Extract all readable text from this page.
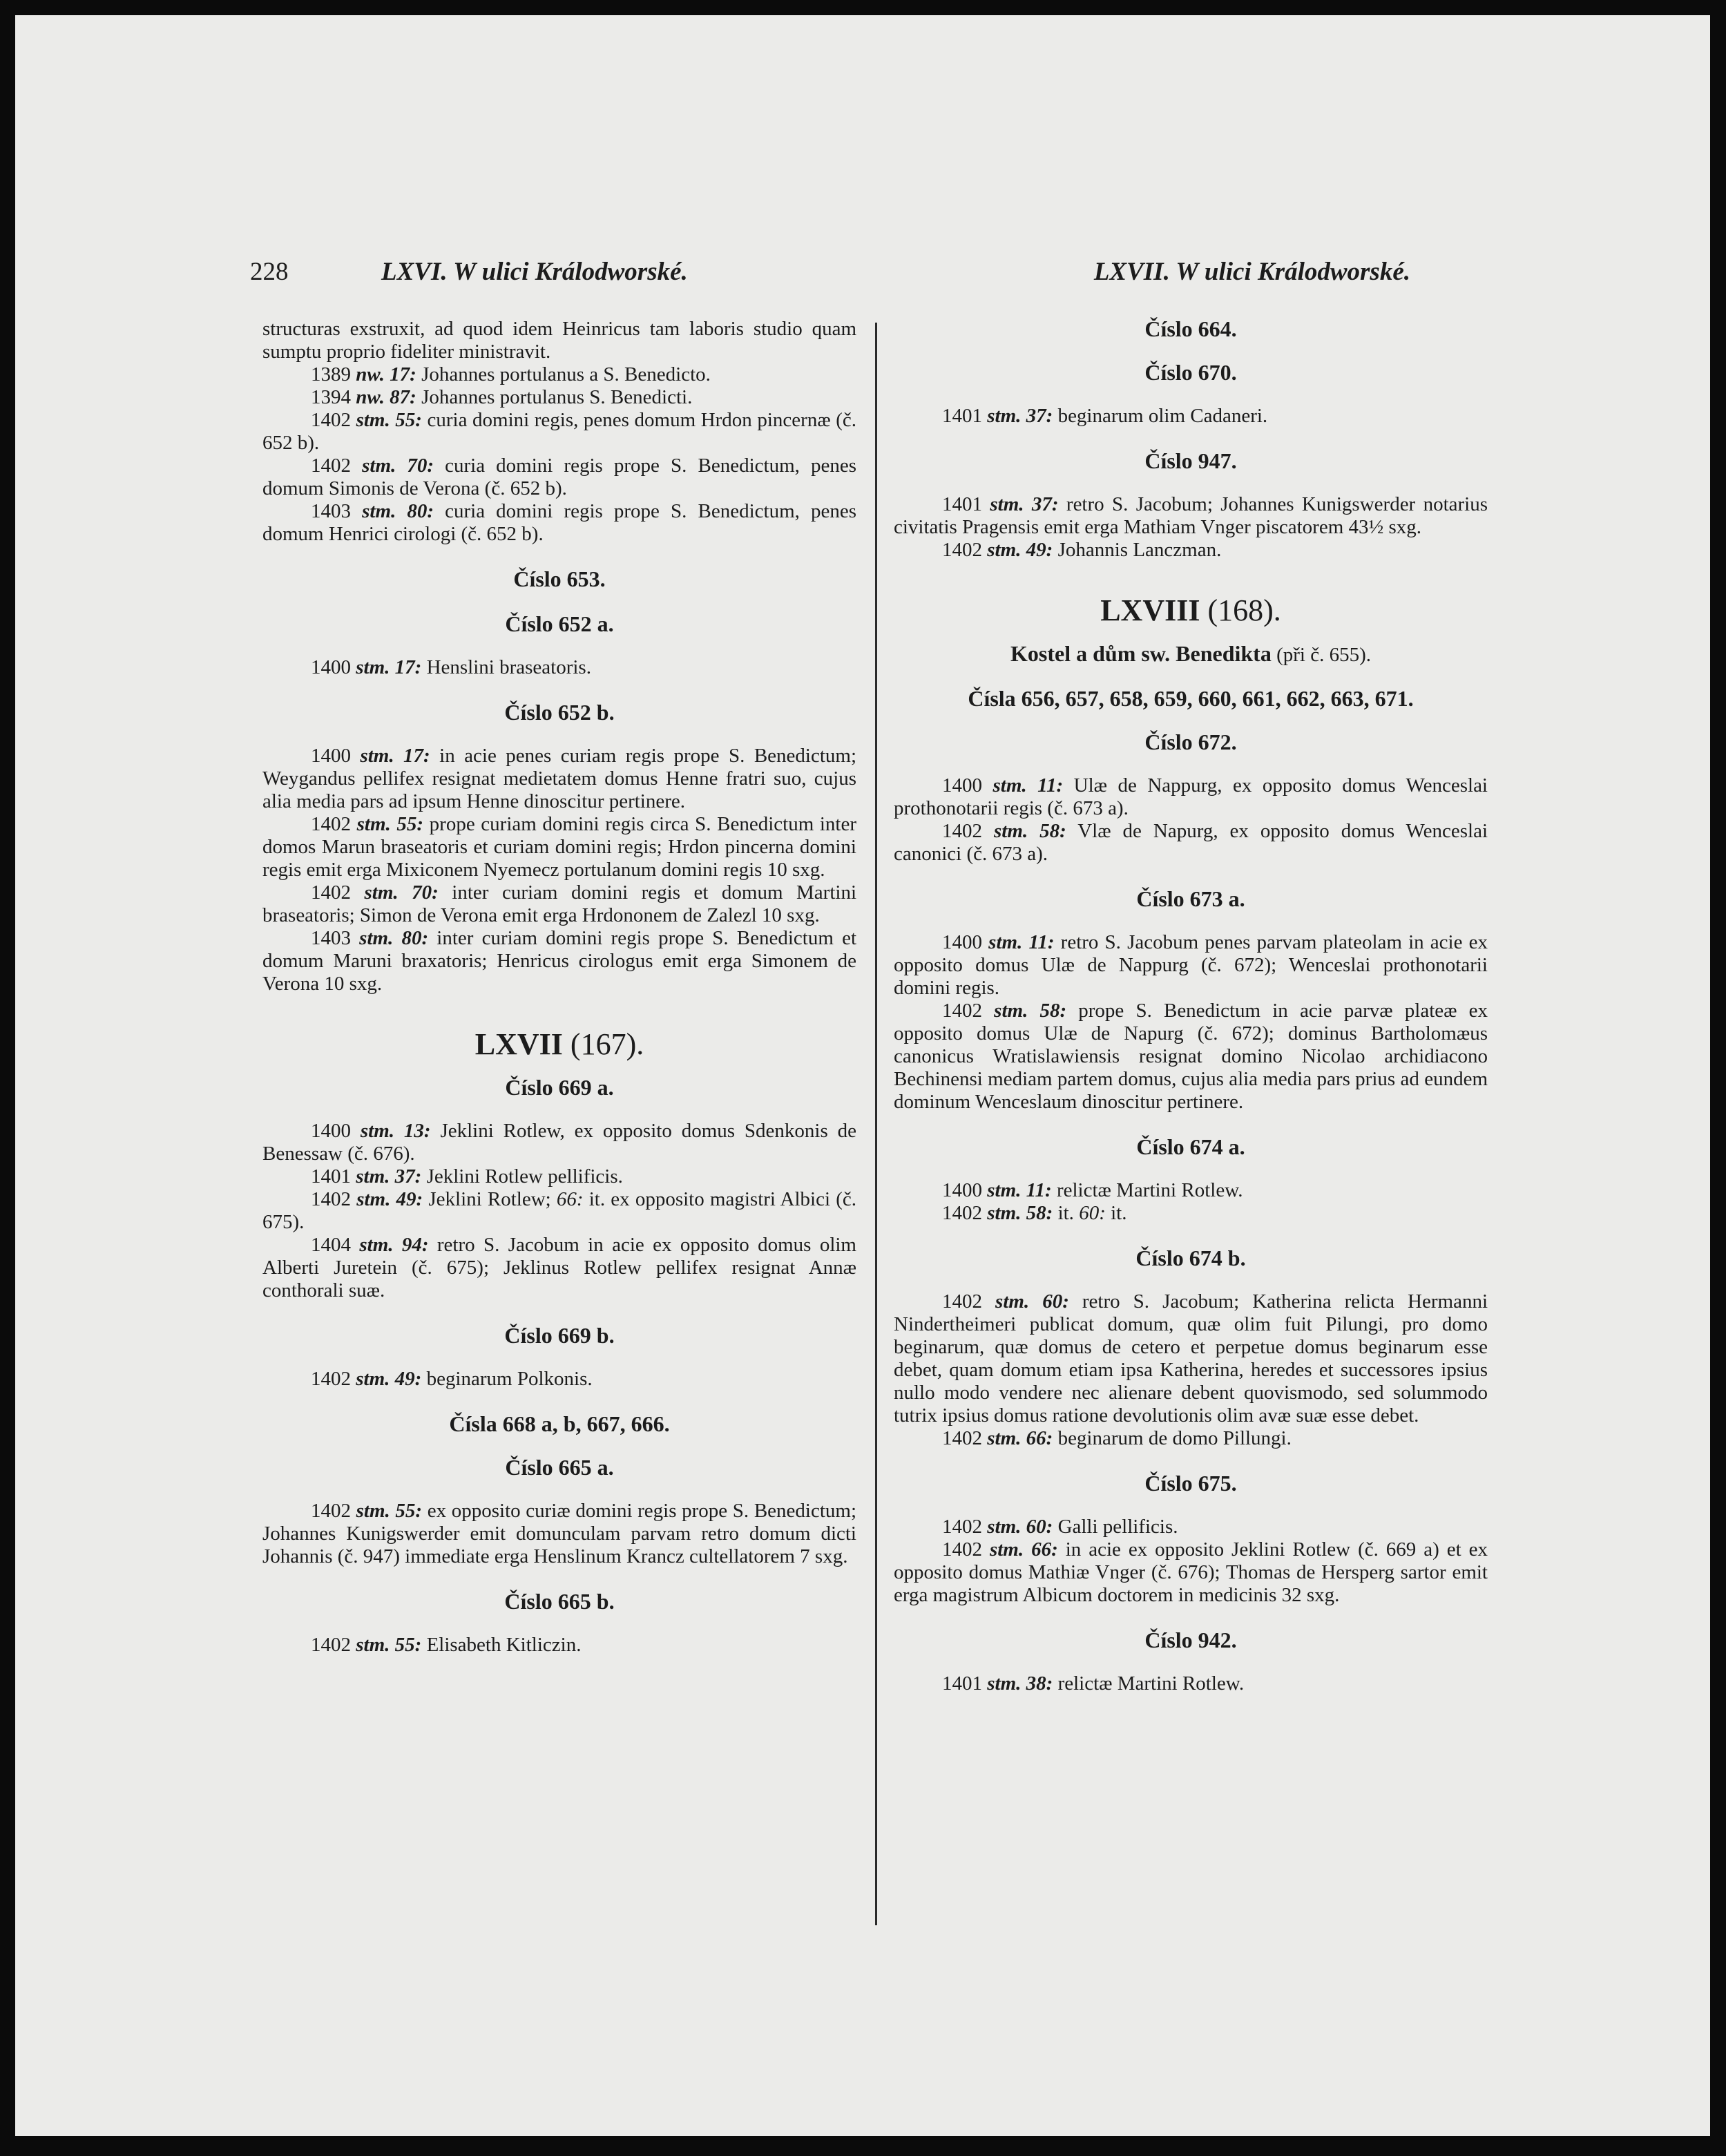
228	LXVI. W ulici Králodworské.	LXVII. W ulici Králodworské.

structuras exstruxit, ad quod idem Heinricus tam laboris studio quam sumptu proprio fideliter ministravit.

1389 nw. 17: Johannes portulanus a S. Benedicto.

1394 nw. 87: Johannes portulanus S. Benedicti.

1402 stm. 55: curia domini regis, penes domum Hrdon pincernæ (č. 652 b).

1402 stm. 70: curia domini regis prope S. Benedictum, penes domum Simonis de Verona (č. 652 b).

1403 stm. 80: curia domini regis prope S. Benedictum, penes domum Henrici cirologi (č. 652 b).

Číslo 653.
Číslo 652 a.

1400 stm. 17: Henslini braseatoris.

Číslo 652 b.

1400 stm. 17: in acie penes curiam regis prope S. Benedictum; Weygandus pellifex resignat medietatem domus Henne fratri suo, cujus alia media pars ad ipsum Henne dinoscitur pertinere.

1402 stm. 55: prope curiam domini regis circa S. Benedictum inter domos Marun braseatoris et curiam domini regis; Hrdon pincerna domini regis emit erga Mixiconem Nyemecz portulanum domini regis 10 sxg.

1402 stm. 70: inter curiam domini regis et domum Martini braseatoris; Simon de Verona emit erga Hrdononem de Zalezl 10 sxg.

1403 stm. 80: inter curiam domini regis prope S. Benedictum et domum Maruni braxatoris; Henricus cirologus emit erga Simonem de Verona 10 sxg.

LXVII (167).
Číslo 669 a.

1400 stm. 13: Jeklini Rotlew, ex opposito domus Sdenkonis de Benessaw (č. 676).

1401 stm. 37: Jeklini Rotlew pellificis.

1402 stm. 49: Jeklini Rotlew; 66: it. ex opposito magistri Albici (č. 675).

1404 stm. 94: retro S. Jacobum in acie ex opposito domus olim Alberti Juretein (č. 675); Jeklinus Rotlew pellifex resignat Annæ conthorali suæ.

Číslo 669 b.

1402 stm. 49: beginarum Polkonis.

Čísla 668 a, b, 667, 666.
Číslo 665 a.

1402 stm. 55: ex opposito curiæ domini regis prope S. Benedictum; Johannes Kunigswerder emit domunculam parvam retro domum dicti Johannis (č. 947) immediate erga Henslinum Krancz cultellatorem 7 sxg.

Číslo 665 b.

1402 stm. 55: Elisabeth Kitliczin.

Číslo 664.
Číslo 670.

1401 stm. 37: beginarum olim Cadaneri.

Číslo 947.

1401 stm. 37: retro S. Jacobum; Johannes Kunigswerder notarius civitatis Pragensis emit erga Mathiam Vnger piscatorem 43½ sxg.

1402 stm. 49: Johannis Lanczman.

LXVIII (168).
Kostel a dům sw. Benedikta (při č. 655).
Čísla 656, 657, 658, 659, 660, 661, 662, 663, 671.
Číslo 672.

1400 stm. 11: Ulæ de Nappurg, ex opposito domus Wenceslai prothonotarii regis (č. 673 a).

1402 stm. 58: Vlæ de Napurg, ex opposito domus Wenceslai canonici (č. 673 a).

Číslo 673 a.

1400 stm. 11: retro S. Jacobum penes parvam plateolam in acie ex opposito domus Ulæ de Nappurg (č. 672); Wenceslai prothonotarii domini regis.

1402 stm. 58: prope S. Benedictum in acie parvæ plateæ ex opposito domus Ulæ de Napurg (č. 672); dominus Bartholomæus canonicus Wratislawiensis resignat domino Nicolao archidiacono Bechinensi mediam partem domus, cujus alia media pars prius ad eundem dominum Wenceslaum dinoscitur pertinere.

Číslo 674 a.

1400 stm. 11: relictæ Martini Rotlew.

1402 stm. 58: it. 60: it.

Číslo 674 b.

1402 stm. 60: retro S. Jacobum; Katherina relicta Hermanni Nindertheimeri publicat domum, quæ olim fuit Pilungi, pro domo beginarum, quæ domus de cetero et perpetue domus beginarum esse debet, quam domum etiam ipsa Katherina, heredes et successores ipsius nullo modo vendere nec alienare debent quovismodo, sed solummodo tutrix ipsius domus ratione devolutionis olim avæ suæ esse debet.

1402 stm. 66: beginarum de domo Pillungi.

Číslo 675.

1402 stm. 60: Galli pellificis.

1402 stm. 66: in acie ex opposito Jeklini Rotlew (č. 669 a) et ex opposito domus Mathiæ Vnger (č. 676); Thomas de Hersperg sartor emit erga magistrum Albicum doctorem in medicinis 32 sxg.

Číslo 942.

1401 stm. 38: relictæ Martini Rotlew.
